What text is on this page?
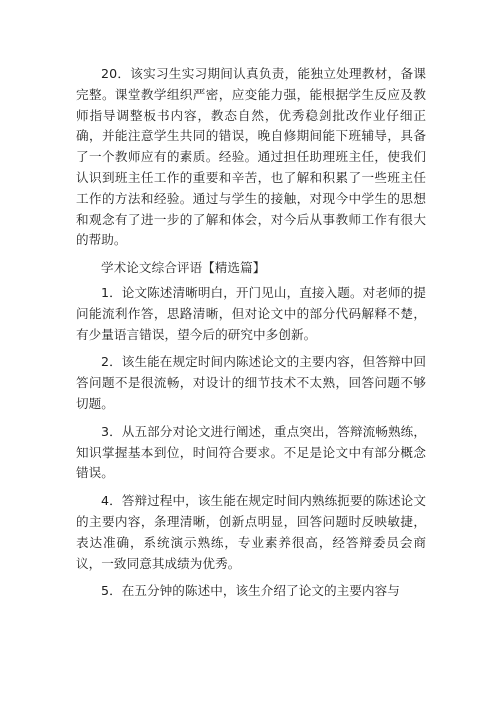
20．该实习生实习期间认真负责，能独立处理教材，备课完整。课堂教学组织严密，应变能力强，能根据学生反应及教师指导调整板书内容，教态自然，优秀稳剑批改作业仔细正确，并能注意学生共同的错误，晚自修期间能下班辅导，具备了一个教师应有的素质。经验。通过担任助理班主任，使我们认识到班主任工作的重要和辛苦，也了解和积累了一些班主任工作的方法和经验。通过与学生的接触，对现今中学生的思想和观念有了进一步的了解和体会，对今后从事教师工作有很大的帮助。

学术论文综合评语【精选篇】

1．论文陈述清晰明白，开门见山，直接入题。对老师的提问能流利作答，思路清晰，但对论文中的部分代码解释不楚，有少量语言错误，望今后的研究中多创新。

2．该生能在规定时间内陈述论文的主要内容，但答辩中回答问题不是很流畅，对设计的细节技术不太熟，回答问题不够切题。

3．从五部分对论文进行阐述，重点突出，答辩流畅熟练，知识掌握基本到位，时间符合要求。不足是论文中有部分概念错误。

4．答辩过程中，该生能在规定时间内熟练扼要的陈述论文的主要内容，条理清晰，创新点明显，回答问题时反映敏捷，表达准确，系统演示熟练，专业素养很高，经答辩委员会商议，一致同意其成绩为优秀。

5．在五分钟的陈述中，该生介绍了论文的主要内容与
